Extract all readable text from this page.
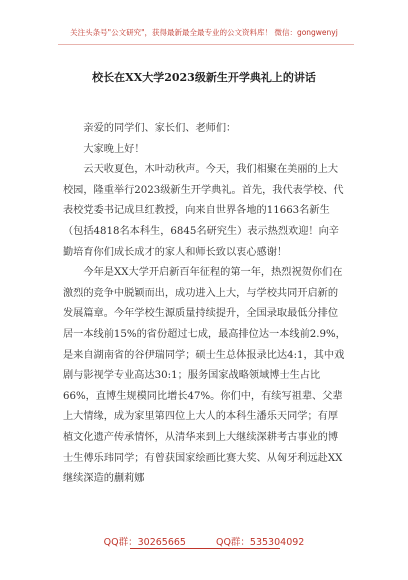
关注头条号"公文研究"，获得最新最全最专业的公文资料库！ 微信：gongwenyj
校长在XX大学2023级新生开学典礼上的讲话

亲爱的同学们、家长们、老师们：

大家晚上好！

云天收夏色，木叶动秋声。今天，我们相聚在美丽的上大校园，隆重举行2023级新生开学典礼。首先，我代表学校、代表校党委书记成旦红教授，向来自世界各地的11663名新生（包括4818名本科生，6845名研究生）表示热烈欢迎！向辛勤培育你们成长成才的家人和师长致以衷心感谢！

今年是XX大学开启新百年征程的第一年，热烈祝贺你们在激烈的竞争中脱颖而出，成功进入上大，与学校共同开启新的发展篇章。今年学校生源质量持续提升，全国录取最低分排位居一本线前15%的省份超过七成，最高排位达一本线前2.9%，是来自湖南省的谷伊瑞同学；硕士生总体报录比达4:1，其中戏剧与影视学专业高达30:1；服务国家战略领域博士生占比66%，直博生规模同比增长47%。你们中，有续写祖辈、父辈上大情缘，成为家里第四位上大人的本科生潘乐天同学；有厚植文化遗产传承情怀，从清华来到上大继续深耕考古事业的博士生傅乐玮同学；有曾获国家绘画比赛大奖、从匈牙利远赴XX继续深造的蒯莉娜

QQ群：30265665	QQ群：535304092
